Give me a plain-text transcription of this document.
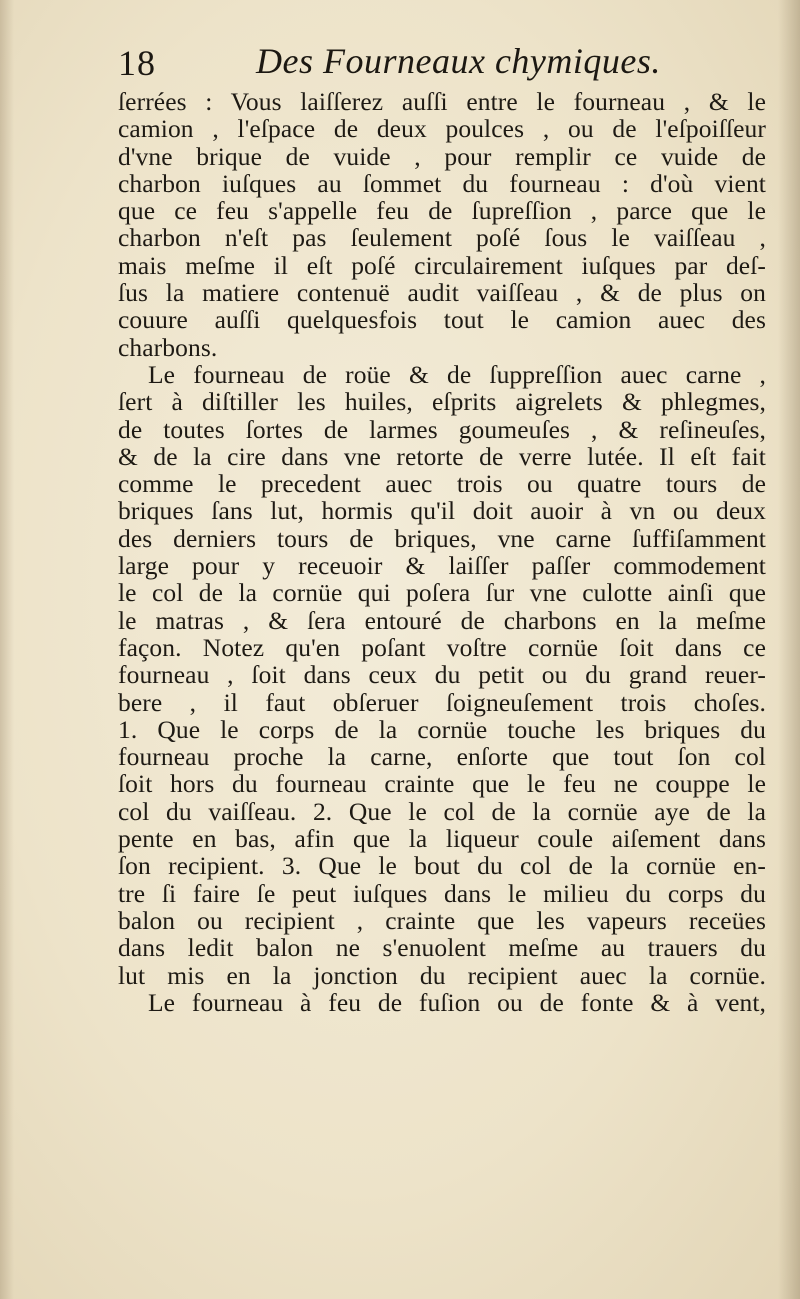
18	Des Fourneaux chymiques.
ſerrées : Vous laiſſerez auſſi entre le fourneau , & le
camion , l'eſpace de deux poulces , ou de l'eſpoiſſeur
d'vne brique de vuide , pour remplir ce vuide de
charbon iuſques au ſommet du fourneau : d'où vient
que ce feu s'appelle feu de ſupreſſion , parce que le
charbon n'eſt pas ſeulement poſé ſous le vaiſſeau ,
mais meſme il eſt poſé circulairement iuſques par deſ-
ſus la matiere contenuë audit vaiſſeau , & de plus on
couure auſſi quelquesfois tout le camion auec des
charbons.
Le fourneau de roüe & de ſuppreſſion auec carne ,
ſert à diſtiller les huiles, eſprits aigrelets & phlegmes,
de toutes ſortes de larmes goumeuſes , & reſineuſes,
& de la cire dans vne retorte de verre lutée. Il eſt fait
comme le precedent auec trois ou quatre tours de
briques ſans lut, hormis qu'il doit auoir à vn ou deux
des derniers tours de briques, vne carne ſuffiſamment
large pour y receuoir & laiſſer paſſer commodement
le col de la cornüe qui poſera ſur vne culotte ainſi que
le matras , & ſera entouré de charbons en la meſme
façon. Notez qu'en poſant voſtre cornüe ſoit dans ce
fourneau , ſoit dans ceux du petit ou du grand reuer-
bere , il faut obſeruer ſoigneuſement trois choſes.
1. Que le corps de la cornüe touche les briques du
fourneau proche la carne, enſorte que tout ſon col
ſoit hors du fourneau crainte que le feu ne couppe le
col du vaiſſeau. 2. Que le col de la cornüe aye de la
pente en bas, afin que la liqueur coule aiſement dans
ſon recipient. 3. Que le bout du col de la cornüe en-
tre ſi faire ſe peut iuſques dans le milieu du corps du
balon ou recipient , crainte que les vapeurs receües
dans ledit balon ne s'enuolent meſme au trauers du
lut mis en la jonction du recipient auec la cornüe.
Le fourneau à feu de fuſion ou de fonte & à vent,
